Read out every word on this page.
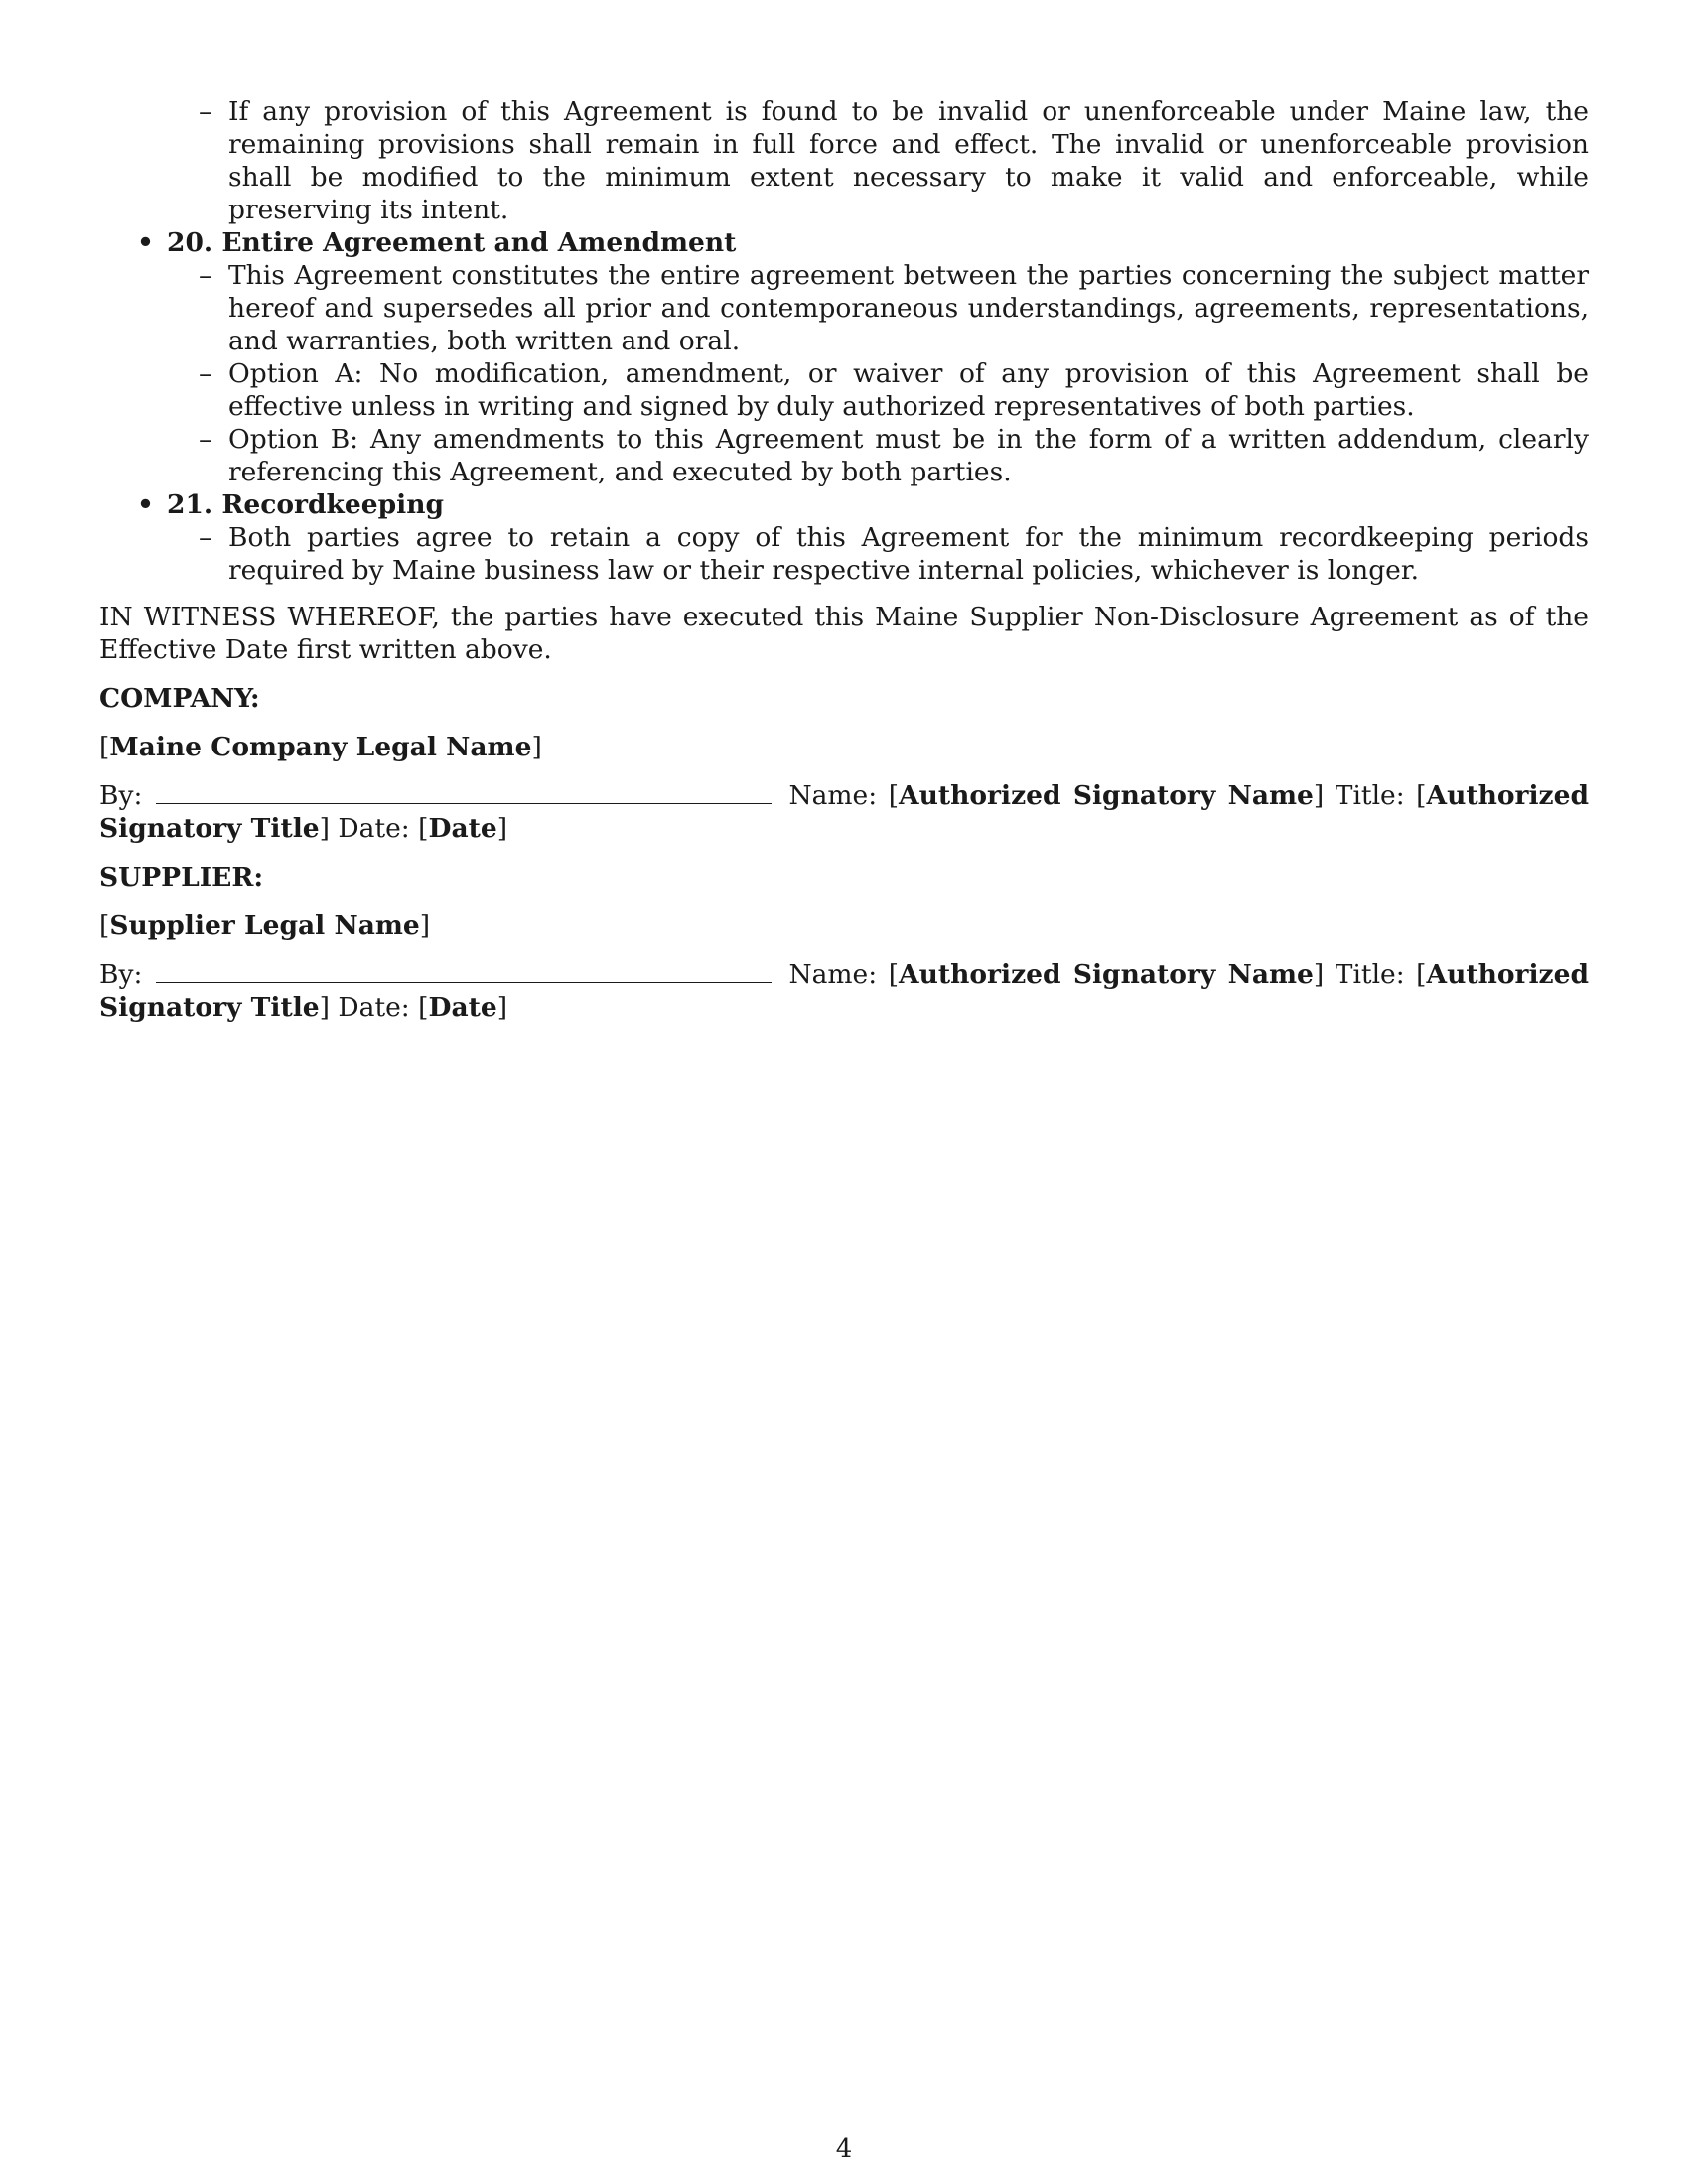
– If any provision of this Agreement is found to be invalid or unenforceable under Maine law, the remaining provisions shall remain in full force and effect. The invalid or unenforceable provision shall be modified to the minimum extent necessary to make it valid and enforceable, while preserving its intent.
• 20. Entire Agreement and Amendment
– This Agreement constitutes the entire agreement between the parties concerning the subject matter hereof and supersedes all prior and contemporaneous understandings, agreements, representations, and warranties, both written and oral.
– Option A: No modification, amendment, or waiver of any provision of this Agreement shall be effective unless in writing and signed by duly authorized representatives of both parties.
– Option B: Any amendments to this Agreement must be in the form of a written addendum, clearly referencing this Agreement, and executed by both parties.
• 21. Recordkeeping
– Both parties agree to retain a copy of this Agreement for the minimum recordkeeping periods required by Maine business law or their respective internal policies, whichever is longer.

IN WITNESS WHEREOF, the parties have executed this Maine Supplier Non-Disclosure Agreement as of the Effective Date first written above.

COMPANY:
[Maine Company Legal Name]
By:	Name: [Authorized Signatory Name] Title: [Authorized Signatory Title] Date: [Date]
SUPPLIER:
[Supplier Legal Name]
By:	Name: [Authorized Signatory Name] Title: [Authorized Signatory Title] Date: [Date]
4
